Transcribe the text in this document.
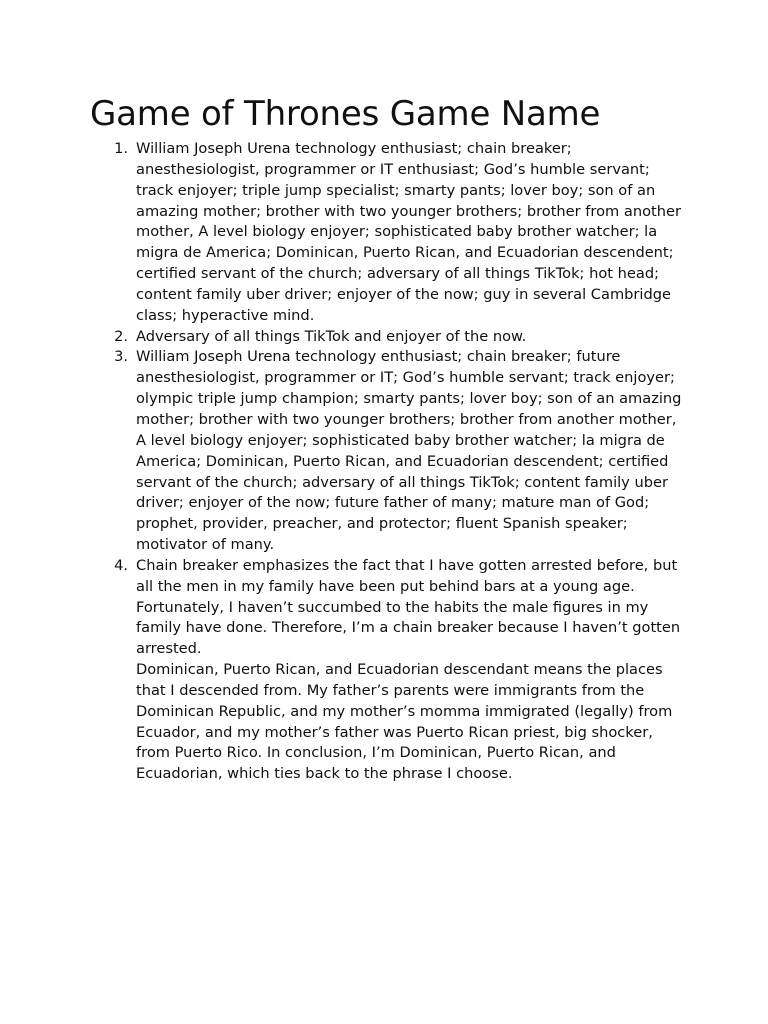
Game of Thrones Game Name
1. William Joseph Urena technology enthusiast; chain breaker; anesthesiologist, programmer or IT enthusiast; God’s humble servant; track enjoyer; triple jump specialist; smarty pants; lover boy; son of an amazing mother; brother with two younger brothers; brother from another mother, A level biology enjoyer; sophisticated baby brother watcher; la migra de America; Dominican, Puerto Rican, and Ecuadorian descendent; certified servant of the church; adversary of all things TikTok; hot head; content family uber driver; enjoyer of the now; guy in several Cambridge class; hyperactive mind.

2. Adversary of all things TikTok and enjoyer of the now.

3. William Joseph Urena technology enthusiast; chain breaker; future anesthesiologist, programmer or IT; God’s humble servant; track enjoyer; olympic triple jump champion; smarty pants; lover boy; son of an amazing mother; brother with two younger brothers; brother from another mother, A level biology enjoyer; sophisticated baby brother watcher; la migra de America; Dominican, Puerto Rican, and Ecuadorian descendent; certified servant of the church; adversary of all things TikTok; content family uber driver; enjoyer of the now; future father of many; mature man of God; prophet, provider, preacher, and protector; fluent Spanish speaker; motivator of many.

4. Chain breaker emphasizes the fact that I have gotten arrested before, but all the men in my family have been put behind bars at a young age. Fortunately, I haven’t succumbed to the habits the male figures in my family have done. Therefore, I’m a chain breaker because I haven’t gotten arrested.

Dominican, Puerto Rican, and Ecuadorian descendant means the places that I descended from. My father’s parents were immigrants from the Dominican Republic, and my mother’s momma immigrated (legally) from Ecuador, and my mother’s father was Puerto Rican priest, big shocker, from Puerto Rico. In conclusion, I’m Dominican, Puerto Rican, and Ecuadorian, which ties back to the phrase I choose.
